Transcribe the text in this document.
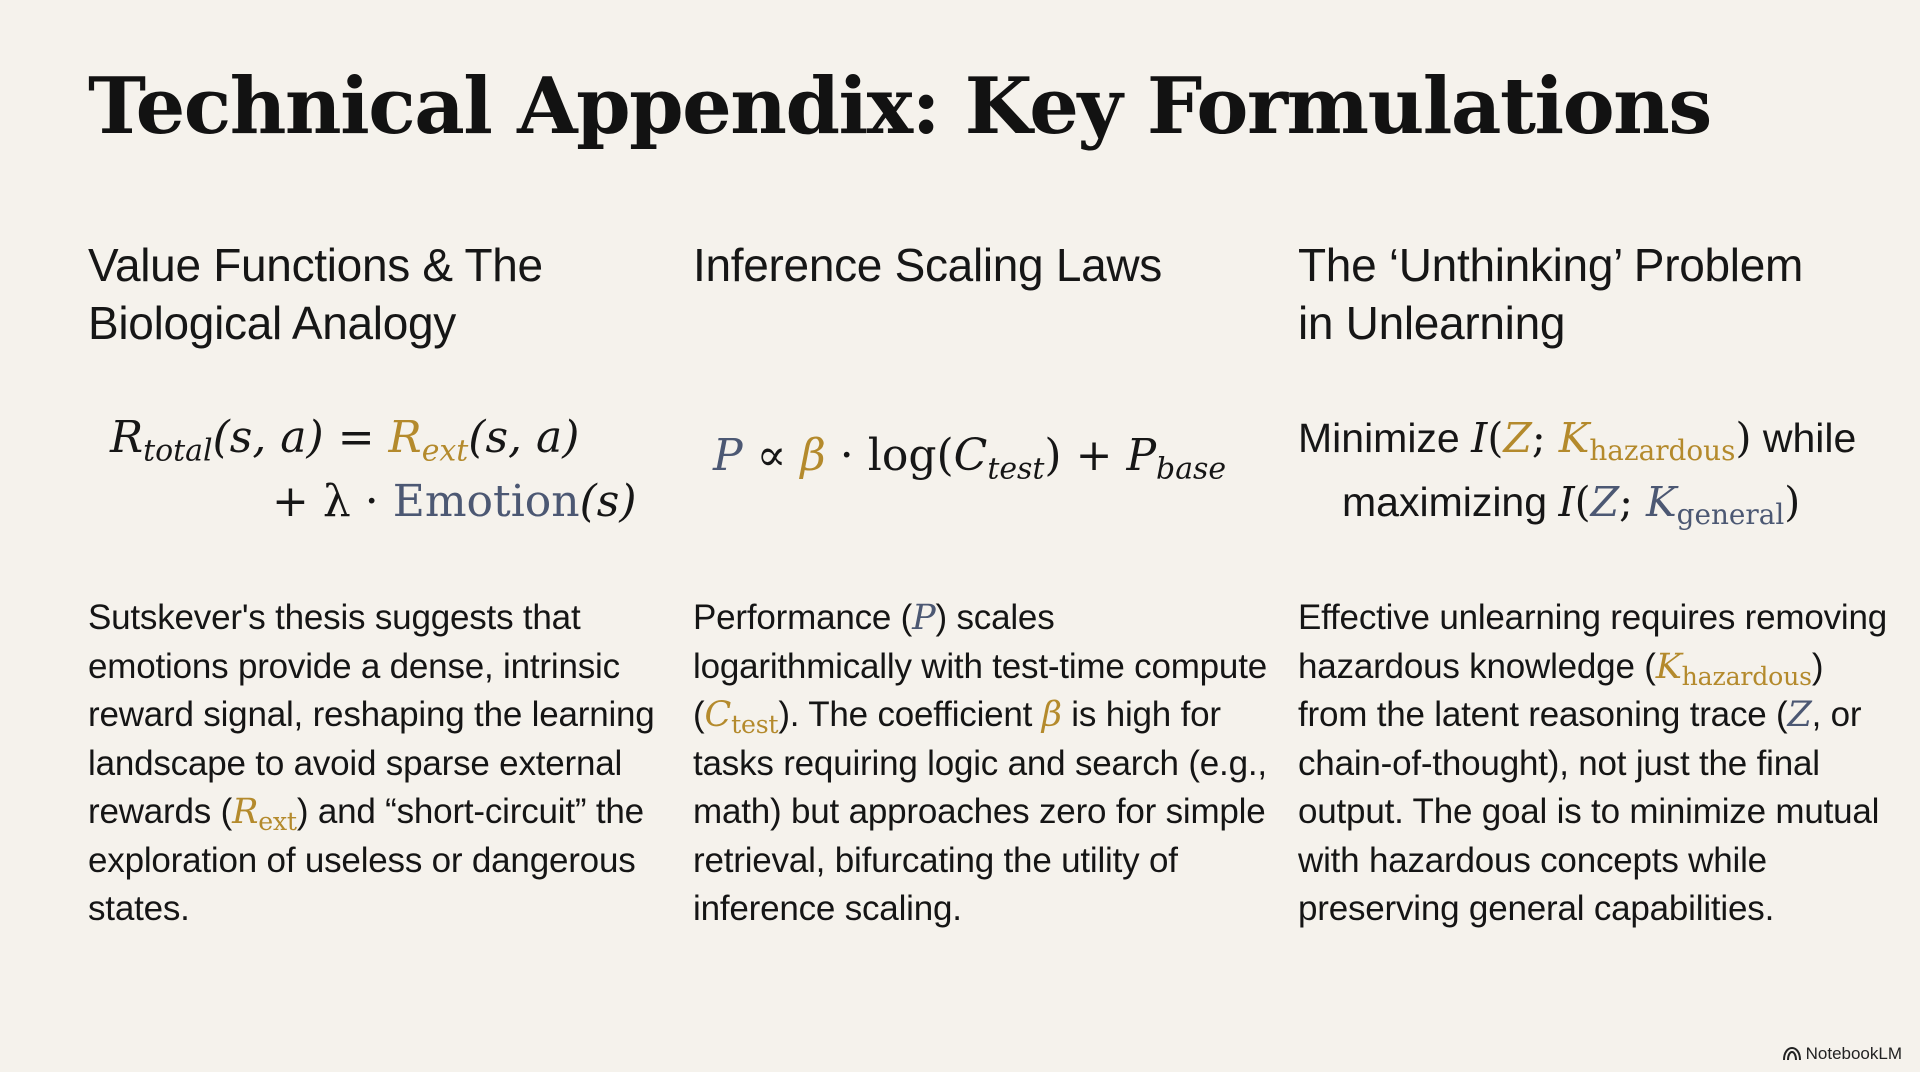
Technical Appendix: Key Formulations
Value Functions & The
Biological Analogy
$R_{total}(s$, $a) = R_{ext}(s$, a)
+ λ · Emotion(s)

Sutskever's thesis suggests that emotions provide a dense, intrinsic reward signal, reshaping the learning landscape to avoid sparse external rewards $(R_{ext})$ and “short-circuit” the exploration of useless or dangerous states.

Inference Scaling Laws
$P \propto \beta \cdot \log(C_{test}) + P_{base}$

Performance (P) scales logarithmically with test-time compute $(C_{test})$. The coefficient β is high for tasks requiring logic and search (e.g., math) but approaches zero for simple retrieval, bifurcating the utility of inference scaling.

The ‘Unthinking’ Problem
in Unlearning
Minimize I(Z; $K_{hazardous}$) while
maximizing I(Z; $K_{general}$)

Effective unlearning requires removing hazardous knowledge $(K_{hazardous})$ from the latent reasoning trace (Z, or chain-of-thought), not just the final output. The goal is to minimize mutual with hazardous concepts while preserving general capabilities.

NotebookLM
